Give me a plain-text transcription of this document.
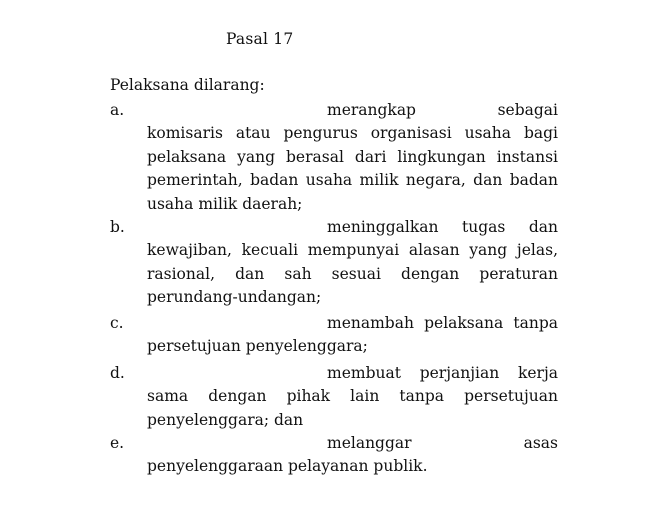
Pasal 17
Pelaksana dilarang:
a.	merangkap sebagai
komisaris atau pengurus organisasi usaha bagi
pelaksana yang berasal dari lingkungan instansi
pemerintah, badan usaha milik negara, dan badan
usaha milik daerah;
b.	meninggalkan tugas dan
kewajiban, kecuali mempunyai alasan yang jelas,
rasional, dan sah sesuai dengan peraturan
perundang-undangan;
c.	menambah pelaksana tanpa
persetujuan penyelenggara;
d.	membuat perjanjian kerja
sama dengan pihak lain tanpa persetujuan
penyelenggara; dan
e.	melanggar asas
penyelenggaraan pelayanan publik.
